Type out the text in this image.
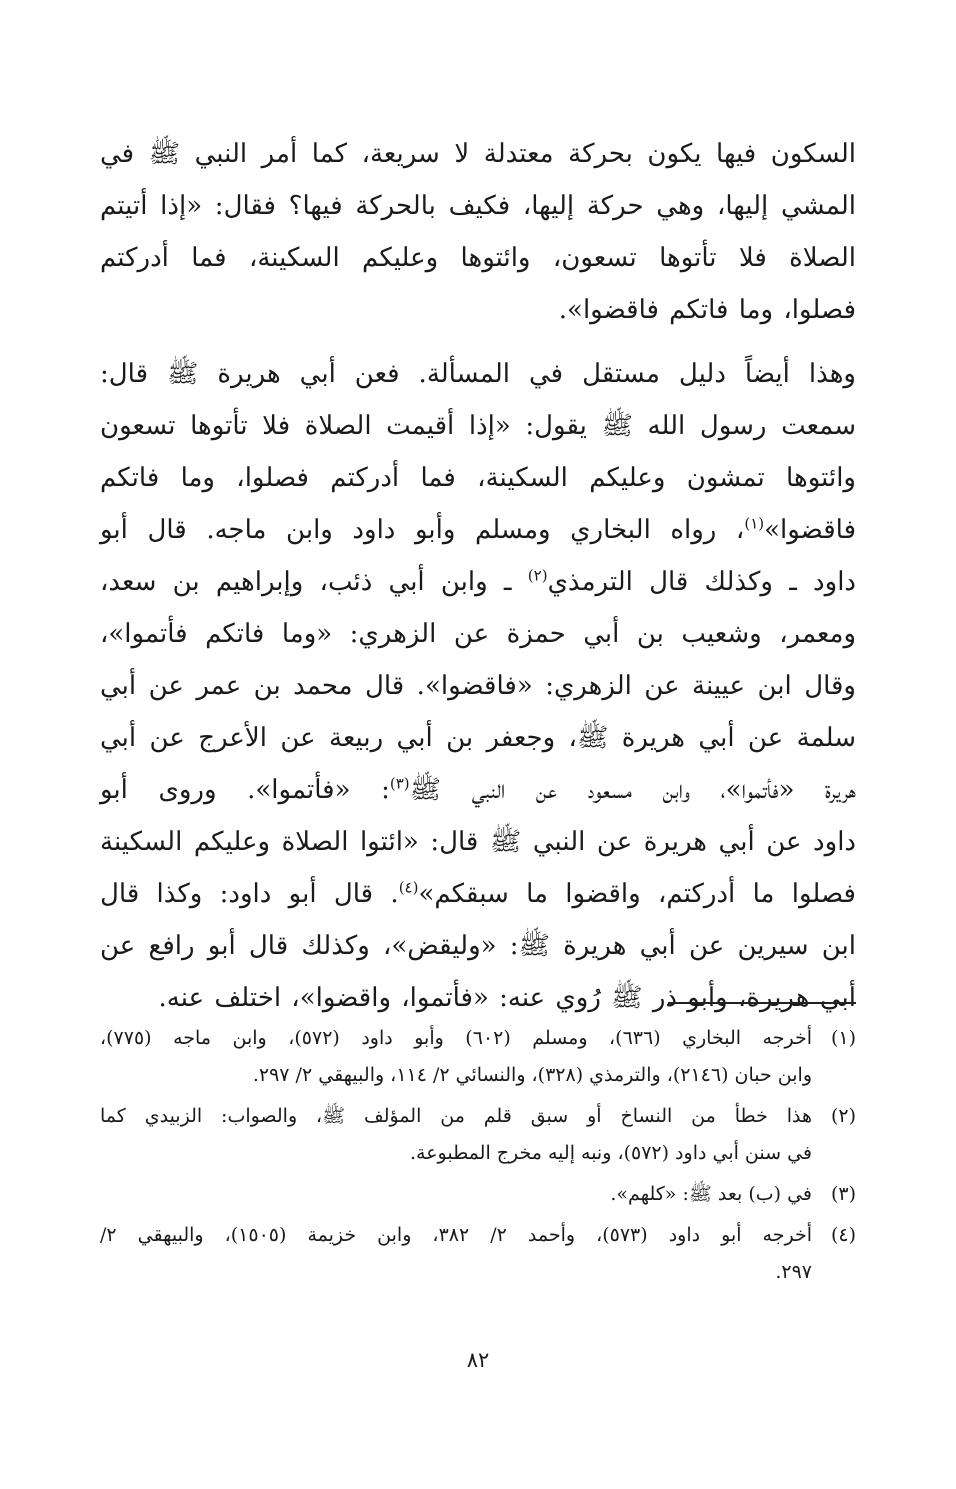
السكون فيها يكون بحركة معتدلة لا سريعة، كما أمر النبي ﷺ في
المشي إليها، وهي حركة إليها، فكيف بالحركة فيها؟ فقال: «إذا أتيتم
الصلاة فلا تأتوها تسعون، وائتوها وعليكم السكينة، فما أدركتم
فصلوا، وما فاتكم فاقضوا».

وهذا أيضاً دليل مستقل في المسألة. فعن أبي هريرة ﷺ قال:
سمعت رسول الله ﷺ يقول: «إذا أقيمت الصلاة فلا تأتوها تسعون
وائتوها تمشون وعليكم السكينة، فما أدركتم فصلوا، وما فاتكم
فاقضوا»$^{(١)}$، رواه البخاري ومسلم وأبو داود وابن ماجه. قال أبو
داود ـ وكذلك قال الترمذي$^{(٢)}$ ـ وابن أبي ذئب، وإبراهيم بن سعد،
ومعمر، وشعيب بن أبي حمزة عن الزهري: «وما فاتكم فأتموا»،
وقال ابن عيينة عن الزهري: «فاقضوا». قال محمد بن عمر عن أبي
سلمة عن أبي هريرة ﷺ، وجعفر بن أبي ربيعة عن الأعرج عن أبي
هريرة «فأتموا»، وابن مسعود عن النبي ﷺ$^{(٣)}$: «فأتموا». وروى أبو
داود عن أبي هريرة عن النبي ﷺ قال: «ائتوا الصلاة وعليكم السكينة
فصلوا ما أدركتم، واقضوا ما سبقكم»$^{(٤)}$. قال أبو داود: وكذا قال
ابن سيرين عن أبي هريرة ﷺ: «وليقض»، وكذلك قال أبو رافع عن
أبي هريرة، وأبو ذر ﷺ رُوي عنه: «فأتموا، واقضوا»، اختلف عنه.

(١)
أخرجه البخاري (٦٣٦)، ومسلم (٦٠٢) وأبو داود (٥٧٢)، وابن ماجه (٧٧٥)،
وابن حبان (٢١٤٦)، والترمذي (٣٢٨)، والنسائي ٢/ ١١٤، والبيهقي ٢/ ٢٩٧.
(٢)
هذا خطأ من النساخ أو سبق قلم من المؤلف ﷺ، والصواب: الزبيدي كما
في سنن أبي داود (٥٧٢)، ونبه إليه مخرج المطبوعة.
(٣)
في (ب) بعد ﷺ: «كلهم».
(٤)
أخرجه أبو داود (٥٧٣)، وأحمد ٢/ ٣٨٢، وابن خزيمة (١٥٠٥)، والبيهقي ٢/
٢٩٧.
٨٢
